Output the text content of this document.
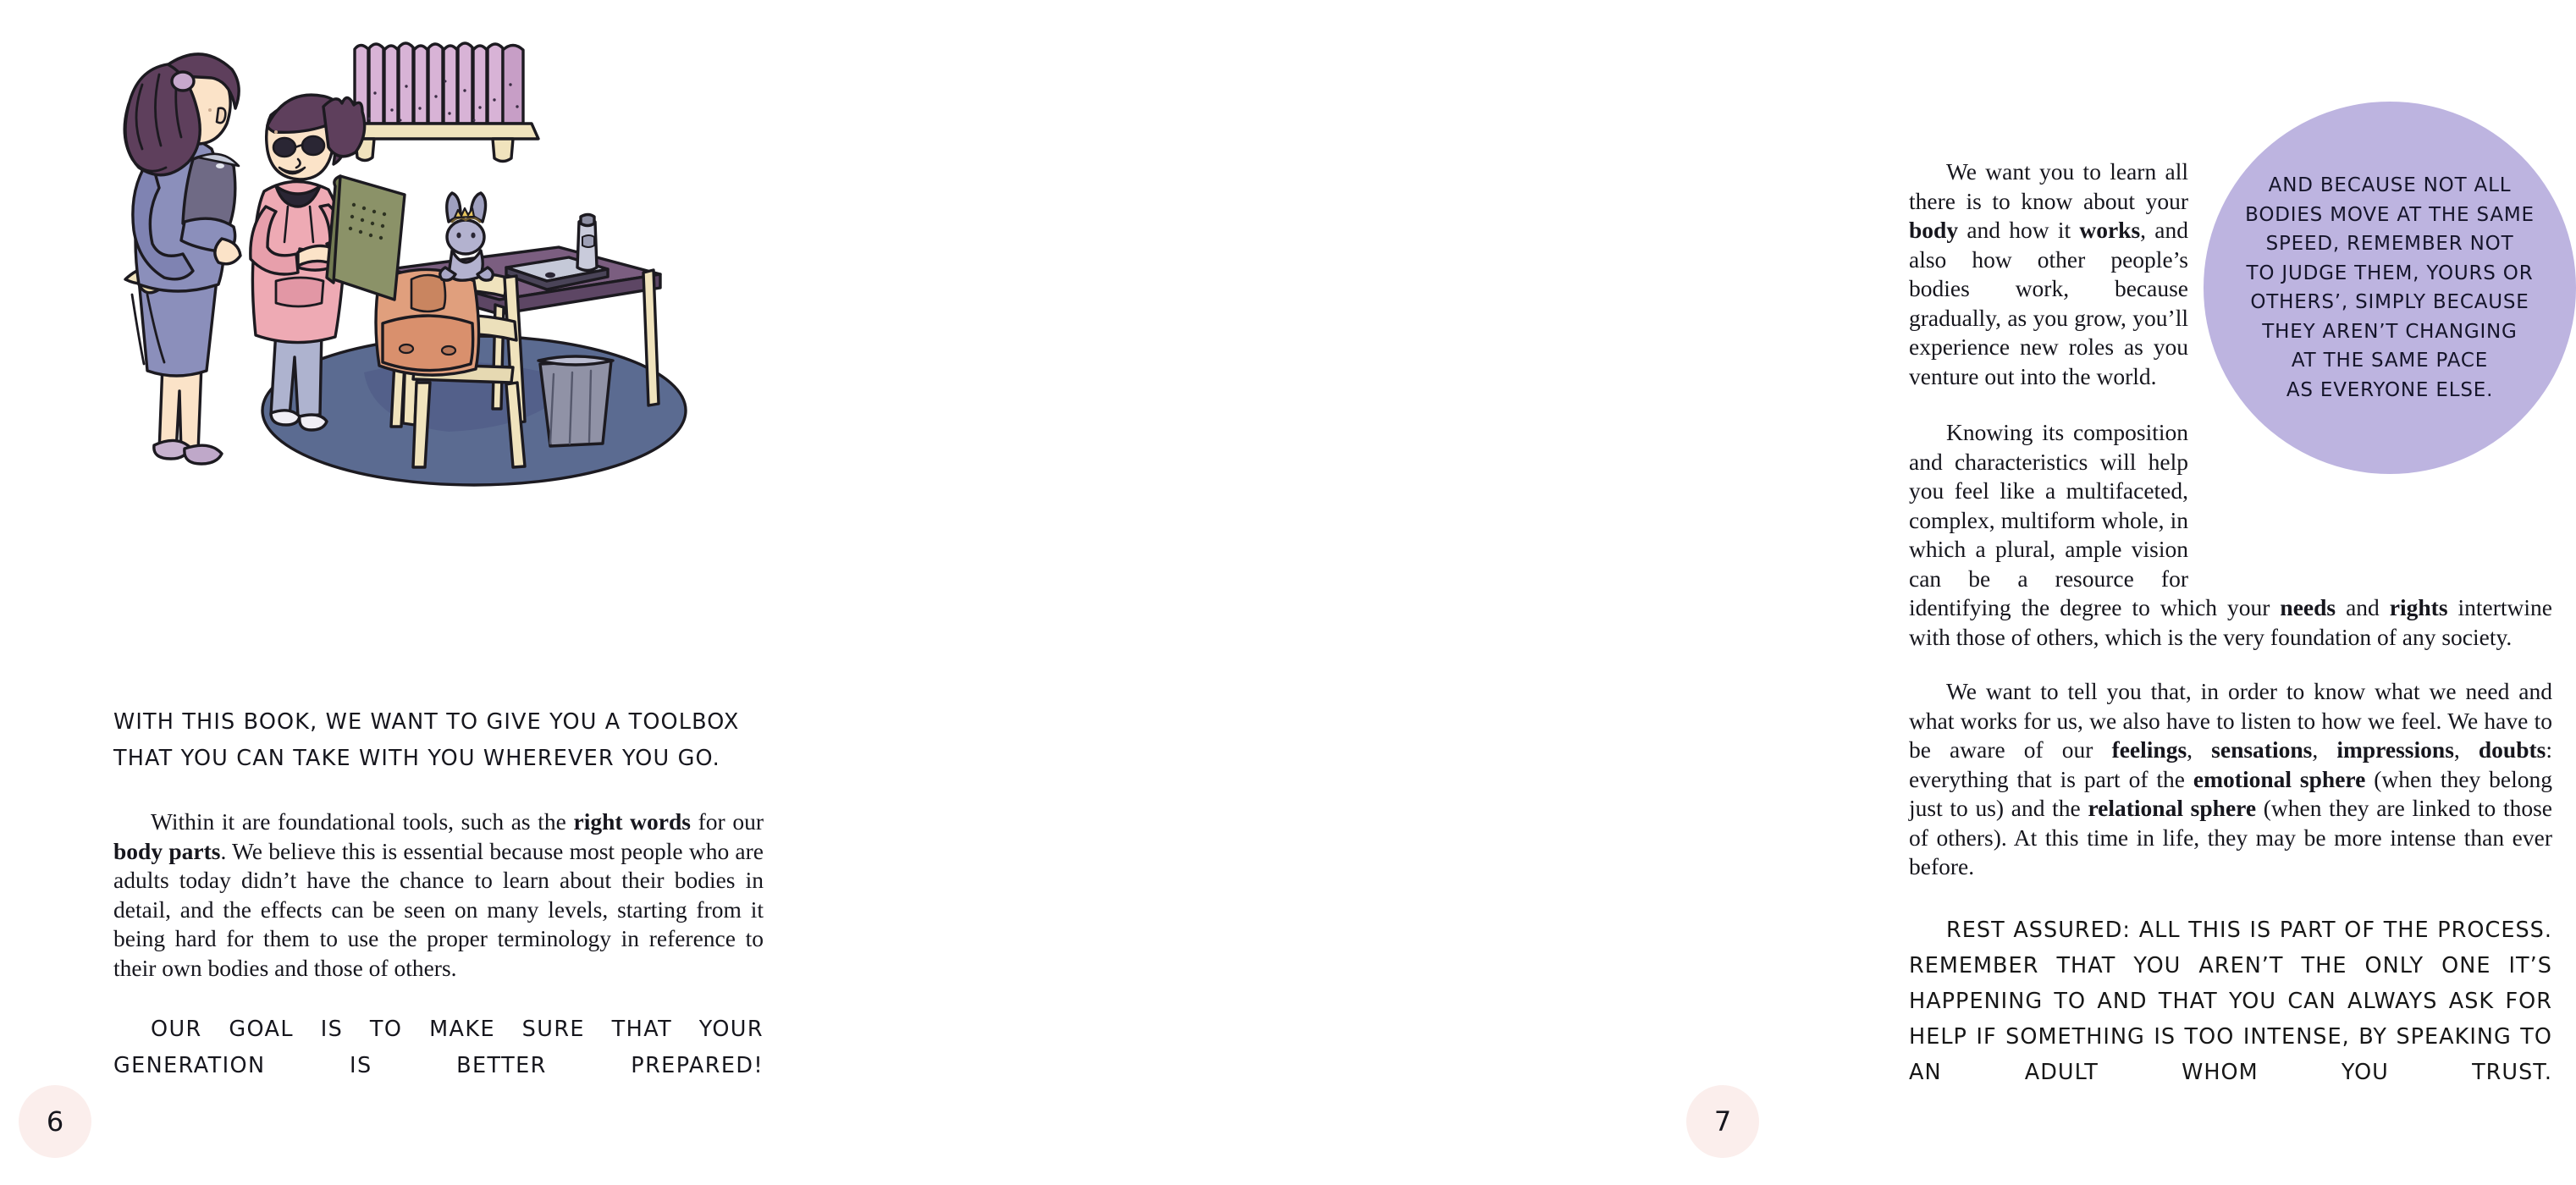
WITH THIS BOOK, WE WANT TO GIVE YOU A TOOLBOX THAT YOU CAN TAKE WITH YOU WHEREVER YOU GO.

Within it are foundational tools, such as the right words for our body parts. We believe this is essential because most people who are adults today didn’t have the chance to learn about their bodies in detail, and the effects can be seen on many levels, starting from it being hard for them to use the proper terminology in reference to their own bodies and those of others.

OUR GOAL IS TO MAKE SURE THAT YOUR GENERATION IS BETTER PREPARED!

6
AND BECAUSE NOT ALL
BODIES MOVE AT THE SAME
SPEED, REMEMBER NOT
TO JUDGE THEM, YOURS OR
OTHERS’, SIMPLY BECAUSE
THEY AREN’T CHANGING
AT THE SAME PACE
AS EVERYONE ELSE.

We want you to learn all there is to know about your body and how it works, and also how other people’s bodies work, because gradually, as you grow, you’ll experience new roles as you venture out into the world.

Knowing its composition and characteristics will help you feel like a multifaceted, complex, multiform whole, in which a plural, ample vision can be a resource for identifying the degree to which your needs and rights intertwine with those of others, which is the very foundation of any society.

We want to tell you that, in order to know what we need and what works for us, we also have to listen to how we feel. We have to be aware of our feelings, sensations, impressions, doubts: everything that is part of the emotional sphere (when they belong just to us) and the relational sphere (when they are linked to those of others). At this time in life, they may be more intense than ever before.

REST ASSURED: ALL THIS IS PART OF THE PROCESS. REMEMBER THAT YOU AREN’T THE ONLY ONE IT’S HAPPENING TO AND THAT YOU CAN ALWAYS ASK FOR HELP IF SOMETHING IS TOO INTENSE, BY SPEAKING TO AN ADULT WHOM YOU TRUST.

7
